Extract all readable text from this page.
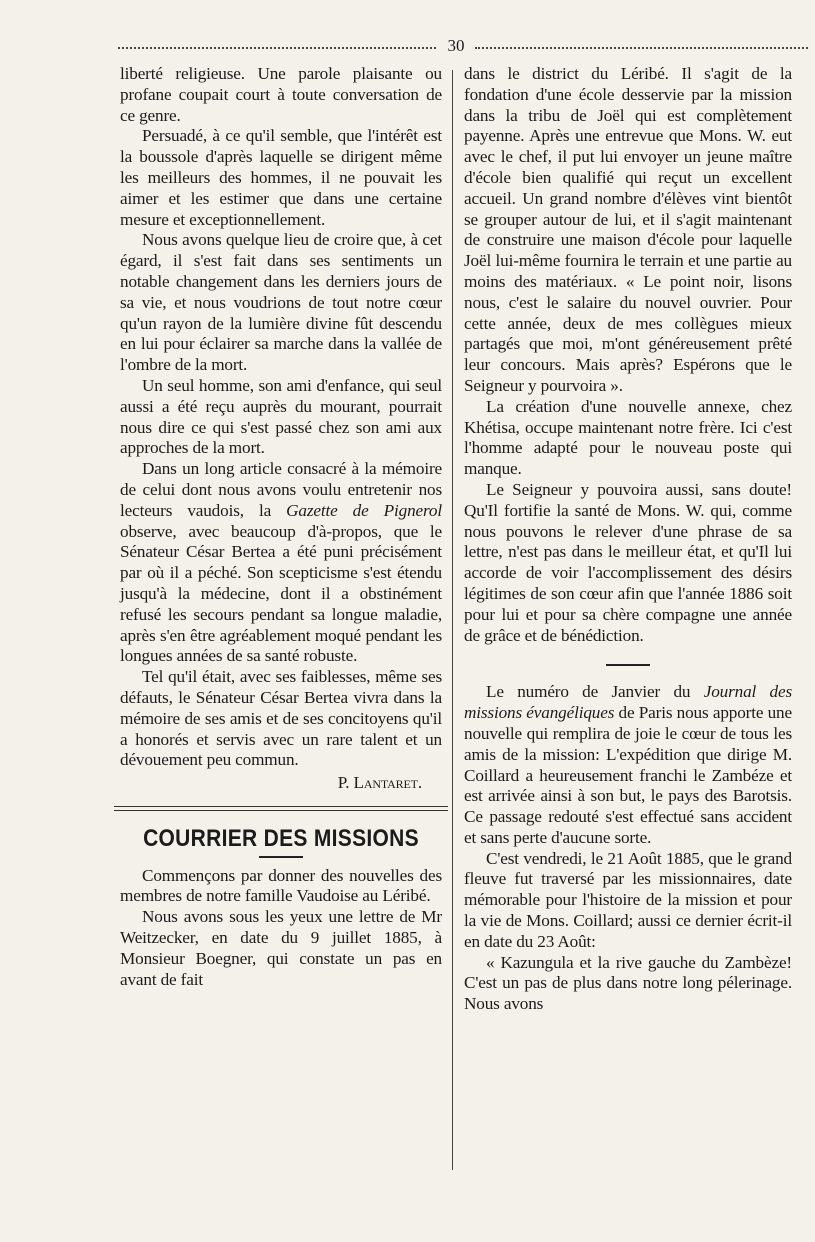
30

liberté religieuse. Une parole plaisante ou profane coupait court à toute conversation de ce genre.

Persuadé, à ce qu'il semble, que l'intérêt est la boussole d'après laquelle se dirigent même les meilleurs des hommes, il ne pouvait les aimer et les estimer que dans une certaine mesure et exceptionnellement.

Nous avons quelque lieu de croire que, à cet égard, il s'est fait dans ses sentiments un notable changement dans les derniers jours de sa vie, et nous voudrions de tout notre cœur qu'un rayon de la lumière divine fût descendu en lui pour éclairer sa marche dans la vallée de l'ombre de la mort.

Un seul homme, son ami d'enfance, qui seul aussi a été reçu auprès du mourant, pourrait nous dire ce qui s'est passé chez son ami aux approches de la mort.

Dans un long article consacré à la mémoire de celui dont nous avons voulu entretenir nos lecteurs vaudois, la Gazette de Pignerol observe, avec beaucoup d'à-propos, que le Sénateur César Bertea a été puni précisément par où il a péché. Son scepticisme s'est étendu jusqu'à la médecine, dont il a obstinément refusé les secours pendant sa longue maladie, après s'en être agréablement moqué pendant les longues années de sa santé robuste.

Tel qu'il était, avec ses faiblesses, même ses défauts, le Sénateur César Bertea vivra dans la mémoire de ses amis et de ses concitoyens qu'il a honorés et servis avec un rare talent et un dévouement peu commun.

P. Lantaret.
COURRIER DES MISSIONS

Commençons par donner des nouvelles des membres de notre famille Vaudoise au Léribé.

Nous avons sous les yeux une lettre de Mr Weitzecker, en date du 9 juillet 1885, à Monsieur Boegner, qui constate un pas en avant de fait

dans le district du Léribé. Il s'agit de la fondation d'une école desservie par la mission dans la tribu de Joël qui est complètement payenne. Après une entrevue que Mons. W. eut avec le chef, il put lui envoyer un jeune maître d'école bien qualifié qui reçut un excellent accueil. Un grand nombre d'élèves vint bientôt se grouper autour de lui, et il s'agit maintenant de construire une maison d'école pour laquelle Joël lui-même fournira le terrain et une partie au moins des matériaux. « Le point noir, lisons nous, c'est le salaire du nouvel ouvrier. Pour cette année, deux de mes collègues mieux partagés que moi, m'ont généreusement prêté leur concours. Mais après? Espérons que le Seigneur y pourvoira ».

La création d'une nouvelle annexe, chez Khétisa, occupe maintenant notre frère. Ici c'est l'homme adapté pour le nouveau poste qui manque.

Le Seigneur y pouvoira aussi, sans doute! Qu'Il fortifie la santé de Mons. W. qui, comme nous pouvons le relever d'une phrase de sa lettre, n'est pas dans le meilleur état, et qu'Il lui accorde de voir l'accomplissement des désirs légitimes de son cœur afin que l'année 1886 soit pour lui et pour sa chère compagne une année de grâce et de bénédiction.

Le numéro de Janvier du Journal des missions évangéliques de Paris nous apporte une nouvelle qui remplira de joie le cœur de tous les amis de la mission: L'expédition que dirige M. Coillard a heureusement franchi le Zambéze et est arrivée ainsi à son but, le pays des Barotsis. Ce passage redouté s'est effectué sans accident et sans perte d'aucune sorte.

C'est vendredi, le 21 Août 1885, que le grand fleuve fut traversé par les missionnaires, date mémorable pour l'histoire de la mission et pour la vie de Mons. Coillard; aussi ce dernier écrit-il en date du 23 Août:

« Kazungula et la rive gauche du Zambèze! C'est un pas de plus dans notre long pélerinage. Nous avons
